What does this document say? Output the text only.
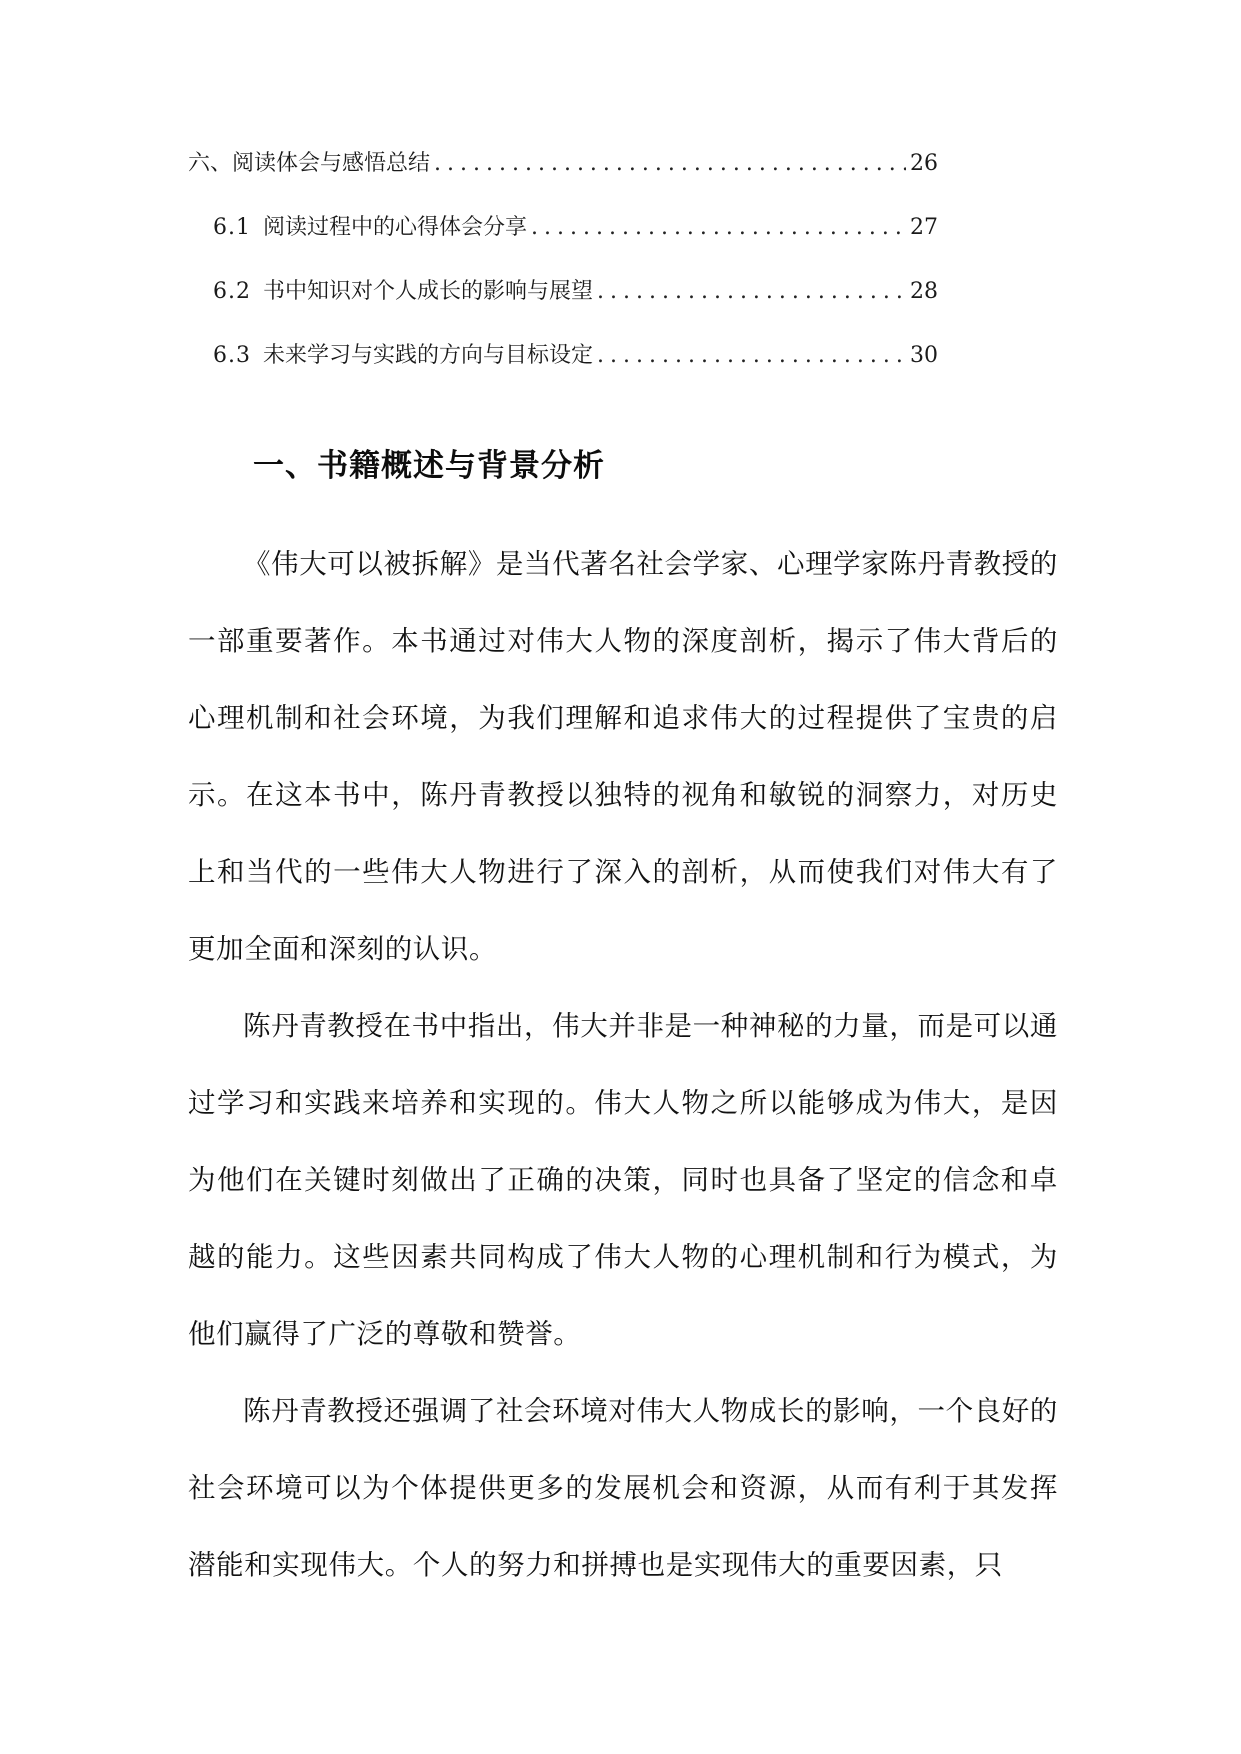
六、阅读体会与感悟总结 .....	26
6.1 阅读过程中的心得体会分享 .....	27
6.2 书中知识对个人成长的影响与展望 .....	28
6.3 未来学习与实践的方向与目标设定 .....	30
一、书籍概述与背景分析

《伟大可以被拆解》是当代著名社会学家、心理学家陈丹青教授的一部重要著作。本书通过对伟大人物的深度剖析，揭示了伟大背后的心理机制和社会环境，为我们理解和追求伟大的过程提供了宝贵的启示。在这本书中，陈丹青教授以独特的视角和敏锐的洞察力，对历史上和当代的一些伟大人物进行了深入的剖析，从而使我们对伟大有了更加全面和深刻的认识。

陈丹青教授在书中指出，伟大并非是一种神秘的力量，而是可以通过学习和实践来培养和实现的。伟大人物之所以能够成为伟大，是因为他们在关键时刻做出了正确的决策，同时也具备了坚定的信念和卓越的能力。这些因素共同构成了伟大人物的心理机制和行为模式，为他们赢得了广泛的尊敬和赞誉。

陈丹青教授还强调了社会环境对伟大人物成长的影响，一个良好的社会环境可以为个体提供更多的发展机会和资源，从而有利于其发挥潜能和实现伟大。个人的努力和拼搏也是实现伟大的重要因素，只
